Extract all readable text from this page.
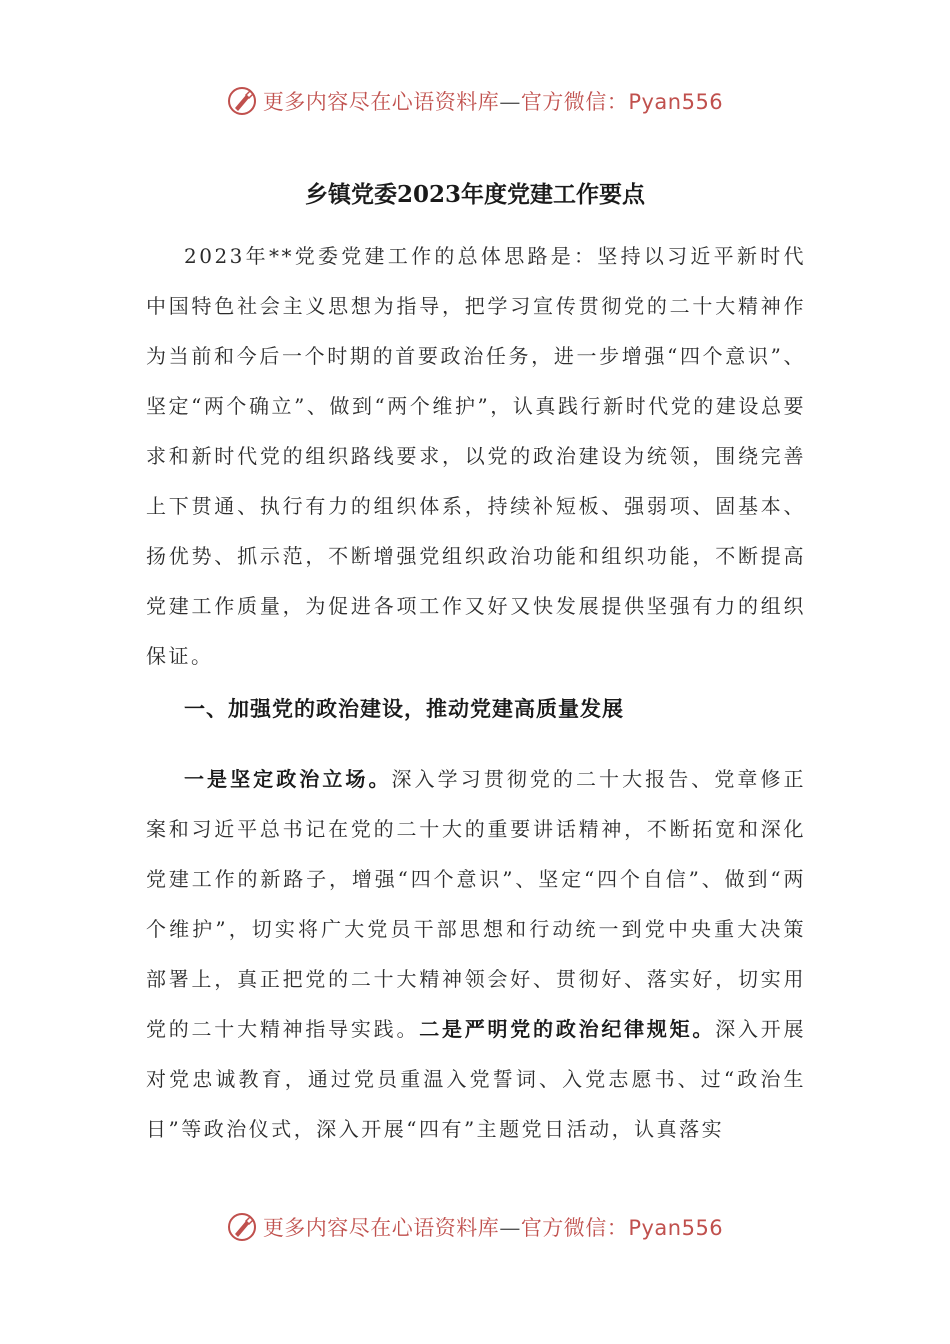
更多内容尽在心语资料库—官方微信：Pyan556
乡镇党委2023年度党建工作要点

2023年**党委党建工作的总体思路是：坚持以习近平新时代中国特色社会主义思想为指导，把学习宣传贯彻党的二十大精神作为当前和今后一个时期的首要政治任务，进一步增强“四个意识”、坚定“两个确立”、做到“两个维护”，认真践行新时代党的建设总要求和新时代党的组织路线要求，以党的政治建设为统领，围绕完善上下贯通、执行有力的组织体系，持续补短板、强弱项、固基本、扬优势、抓示范，不断增强党组织政治功能和组织功能，不断提高党建工作质量，为促进各项工作又好又快发展提供坚强有力的组织保证。

一、加强党的政治建设，推动党建高质量发展

一是坚定政治立场。深入学习贯彻党的二十大报告、党章修正案和习近平总书记在党的二十大的重要讲话精神，不断拓宽和深化党建工作的新路子，增强“四个意识”、坚定“四个自信”、做到“两个维护”，切实将广大党员干部思想和行动统一到党中央重大决策部署上，真正把党的二十大精神领会好、贯彻好、落实好，切实用党的二十大精神指导实践。二是严明党的政治纪律规矩。深入开展对党忠诚教育，通过党员重温入党誓词、入党志愿书、过“政治生日”等政治仪式，深入开展“四有”主题党日活动，认真落实

更多内容尽在心语资料库—官方微信：Pyan556
